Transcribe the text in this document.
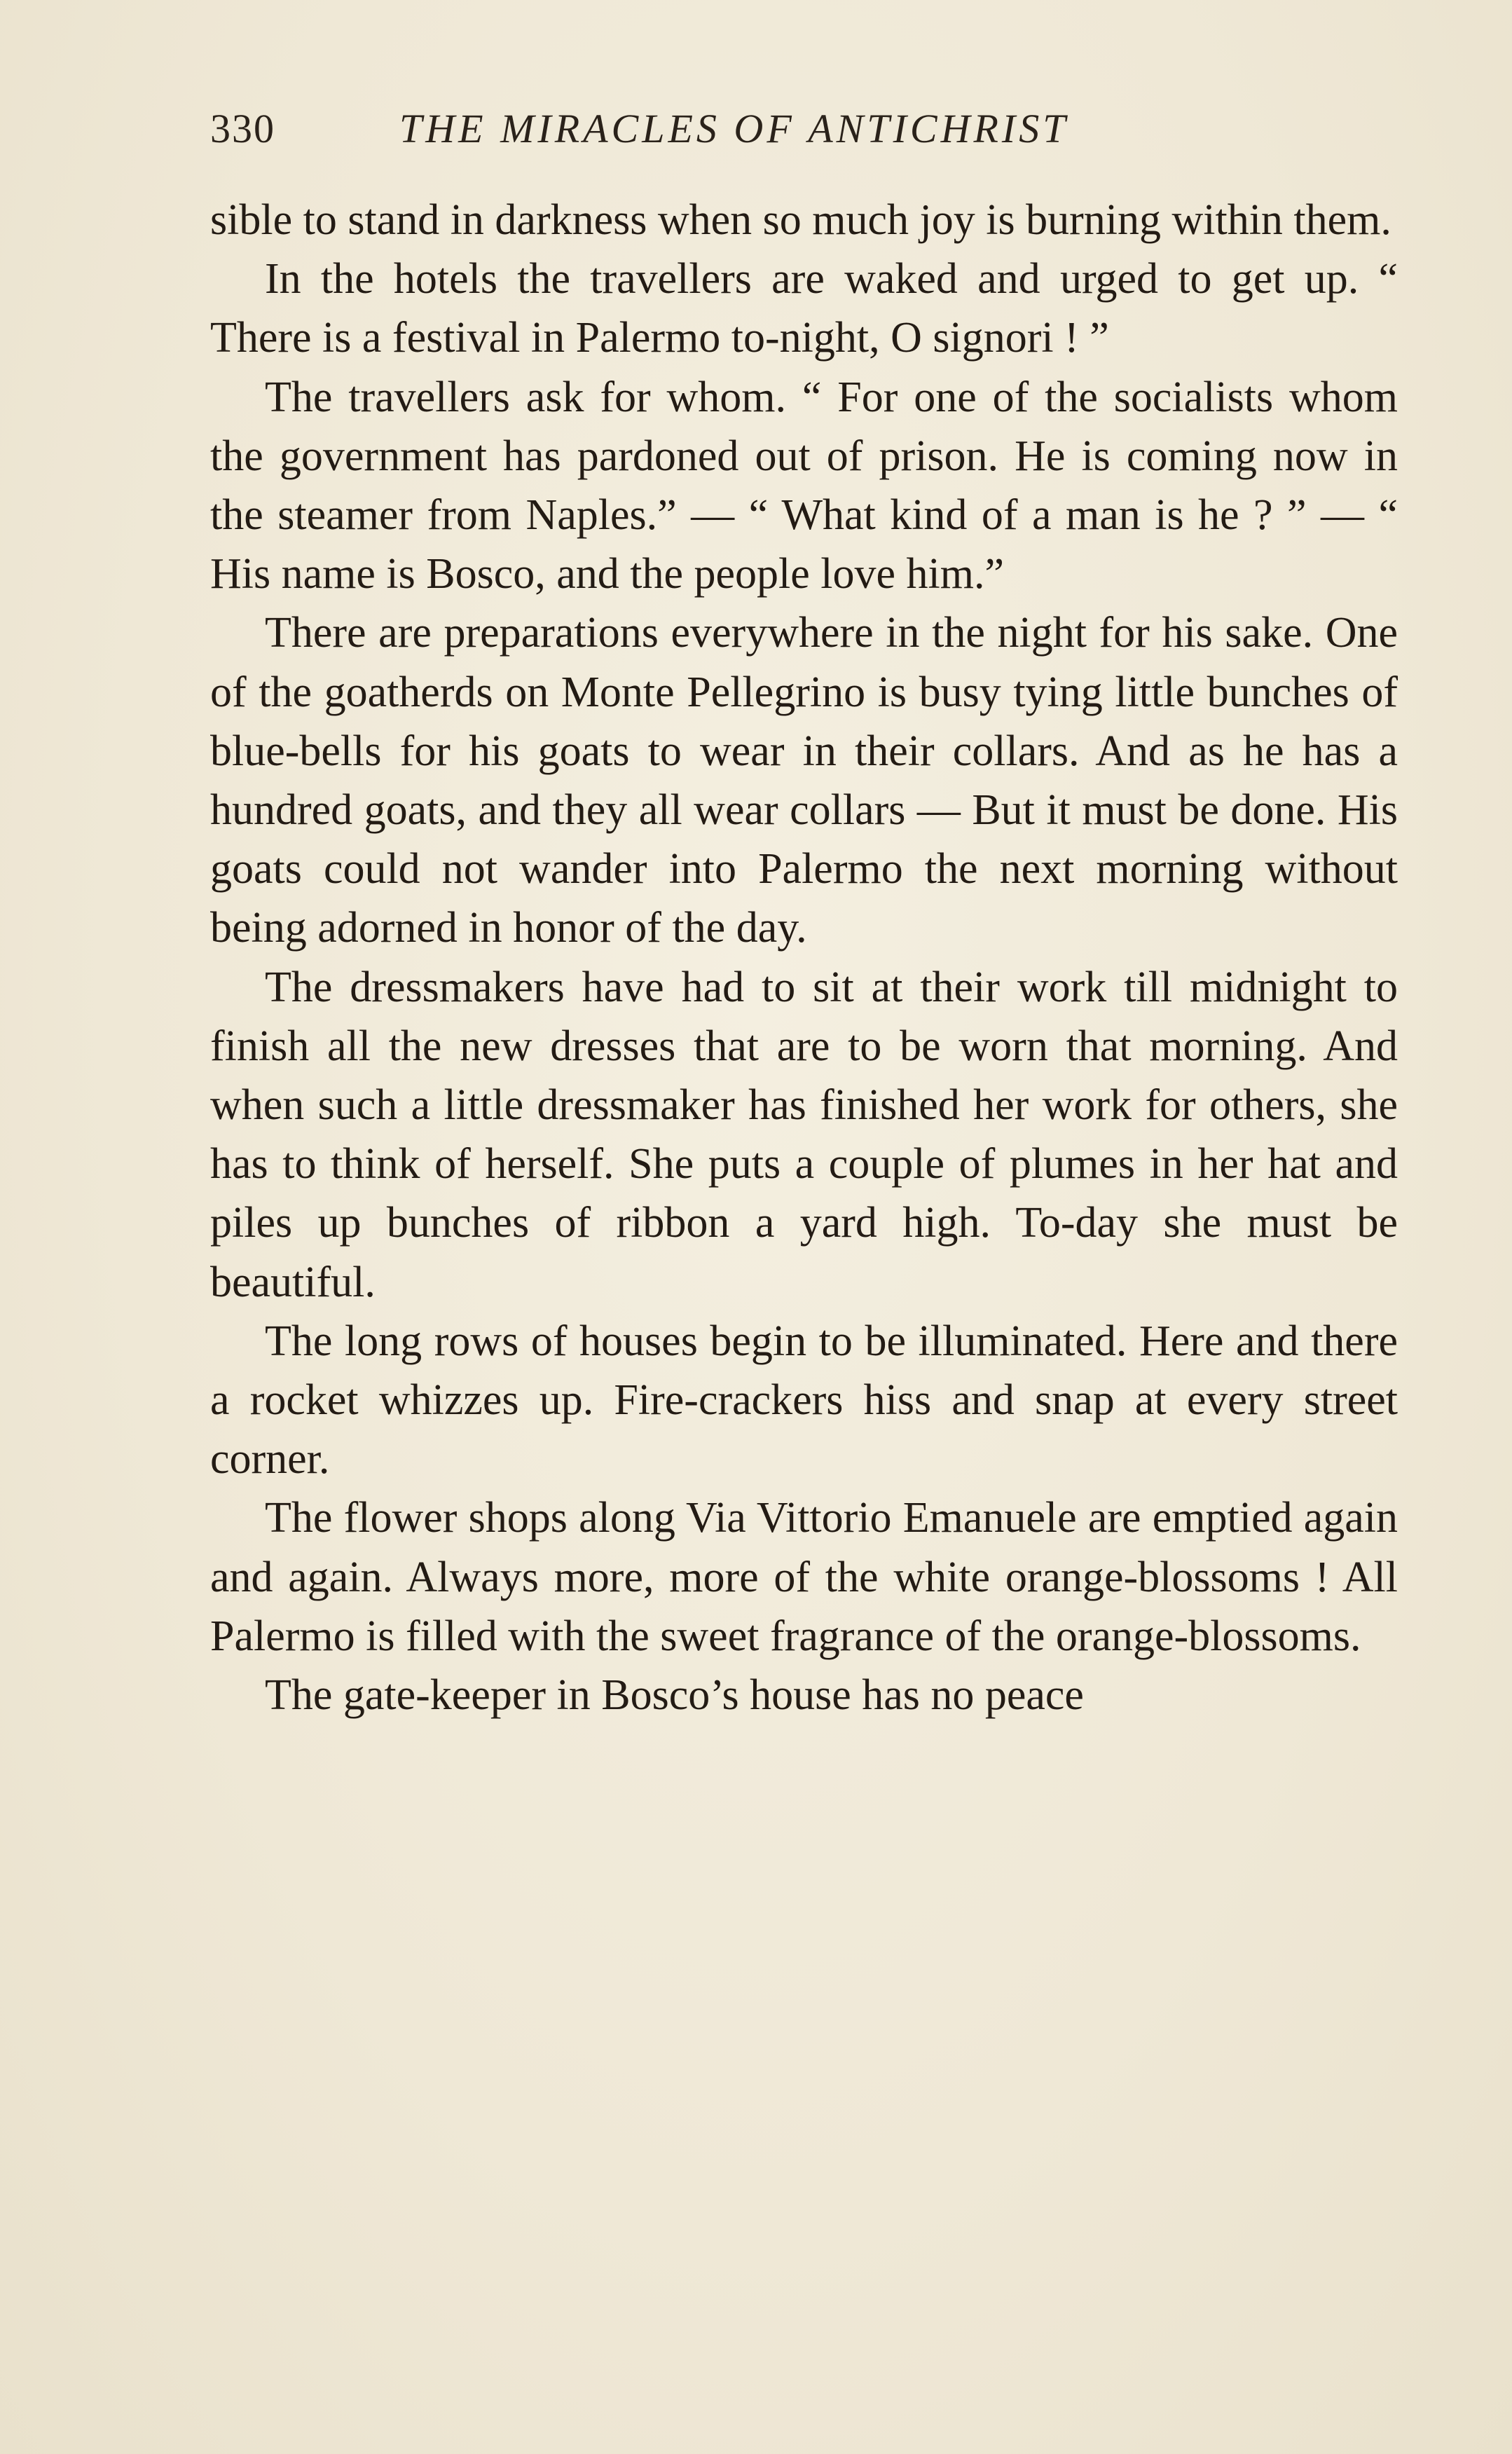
330	THE MIRACLES OF ANTICHRIST

sible to stand in darkness when so much joy is burning within them.

In the hotels the travellers are waked and urged to get up. “ There is a festival in Palermo to-night, O signori ! ”

The travellers ask for whom. “ For one of the socialists whom the government has pardoned out of prison. He is coming now in the steamer from Naples.” — “ What kind of a man is he ? ” — “ His name is Bosco, and the people love him.”

There are preparations everywhere in the night for his sake. One of the goatherds on Monte Pellegrino is busy tying little bunches of blue-bells for his goats to wear in their collars. And as he has a hundred goats, and they all wear collars — But it must be done. His goats could not wander into Palermo the next morning without being adorned in honor of the day.

The dressmakers have had to sit at their work till midnight to finish all the new dresses that are to be worn that morning. And when such a little dressmaker has finished her work for others, she has to think of herself. She puts a couple of plumes in her hat and piles up bunches of ribbon a yard high. To-day she must be beautiful.

The long rows of houses begin to be illuminated. Here and there a rocket whizzes up. Fire-crackers hiss and snap at every street corner.

The flower shops along Via Vittorio Emanuele are emptied again and again. Always more, more of the white orange-blossoms ! All Palermo is filled with the sweet fragrance of the orange-blossoms.

The gate-keeper in Bosco’s house has no peace
